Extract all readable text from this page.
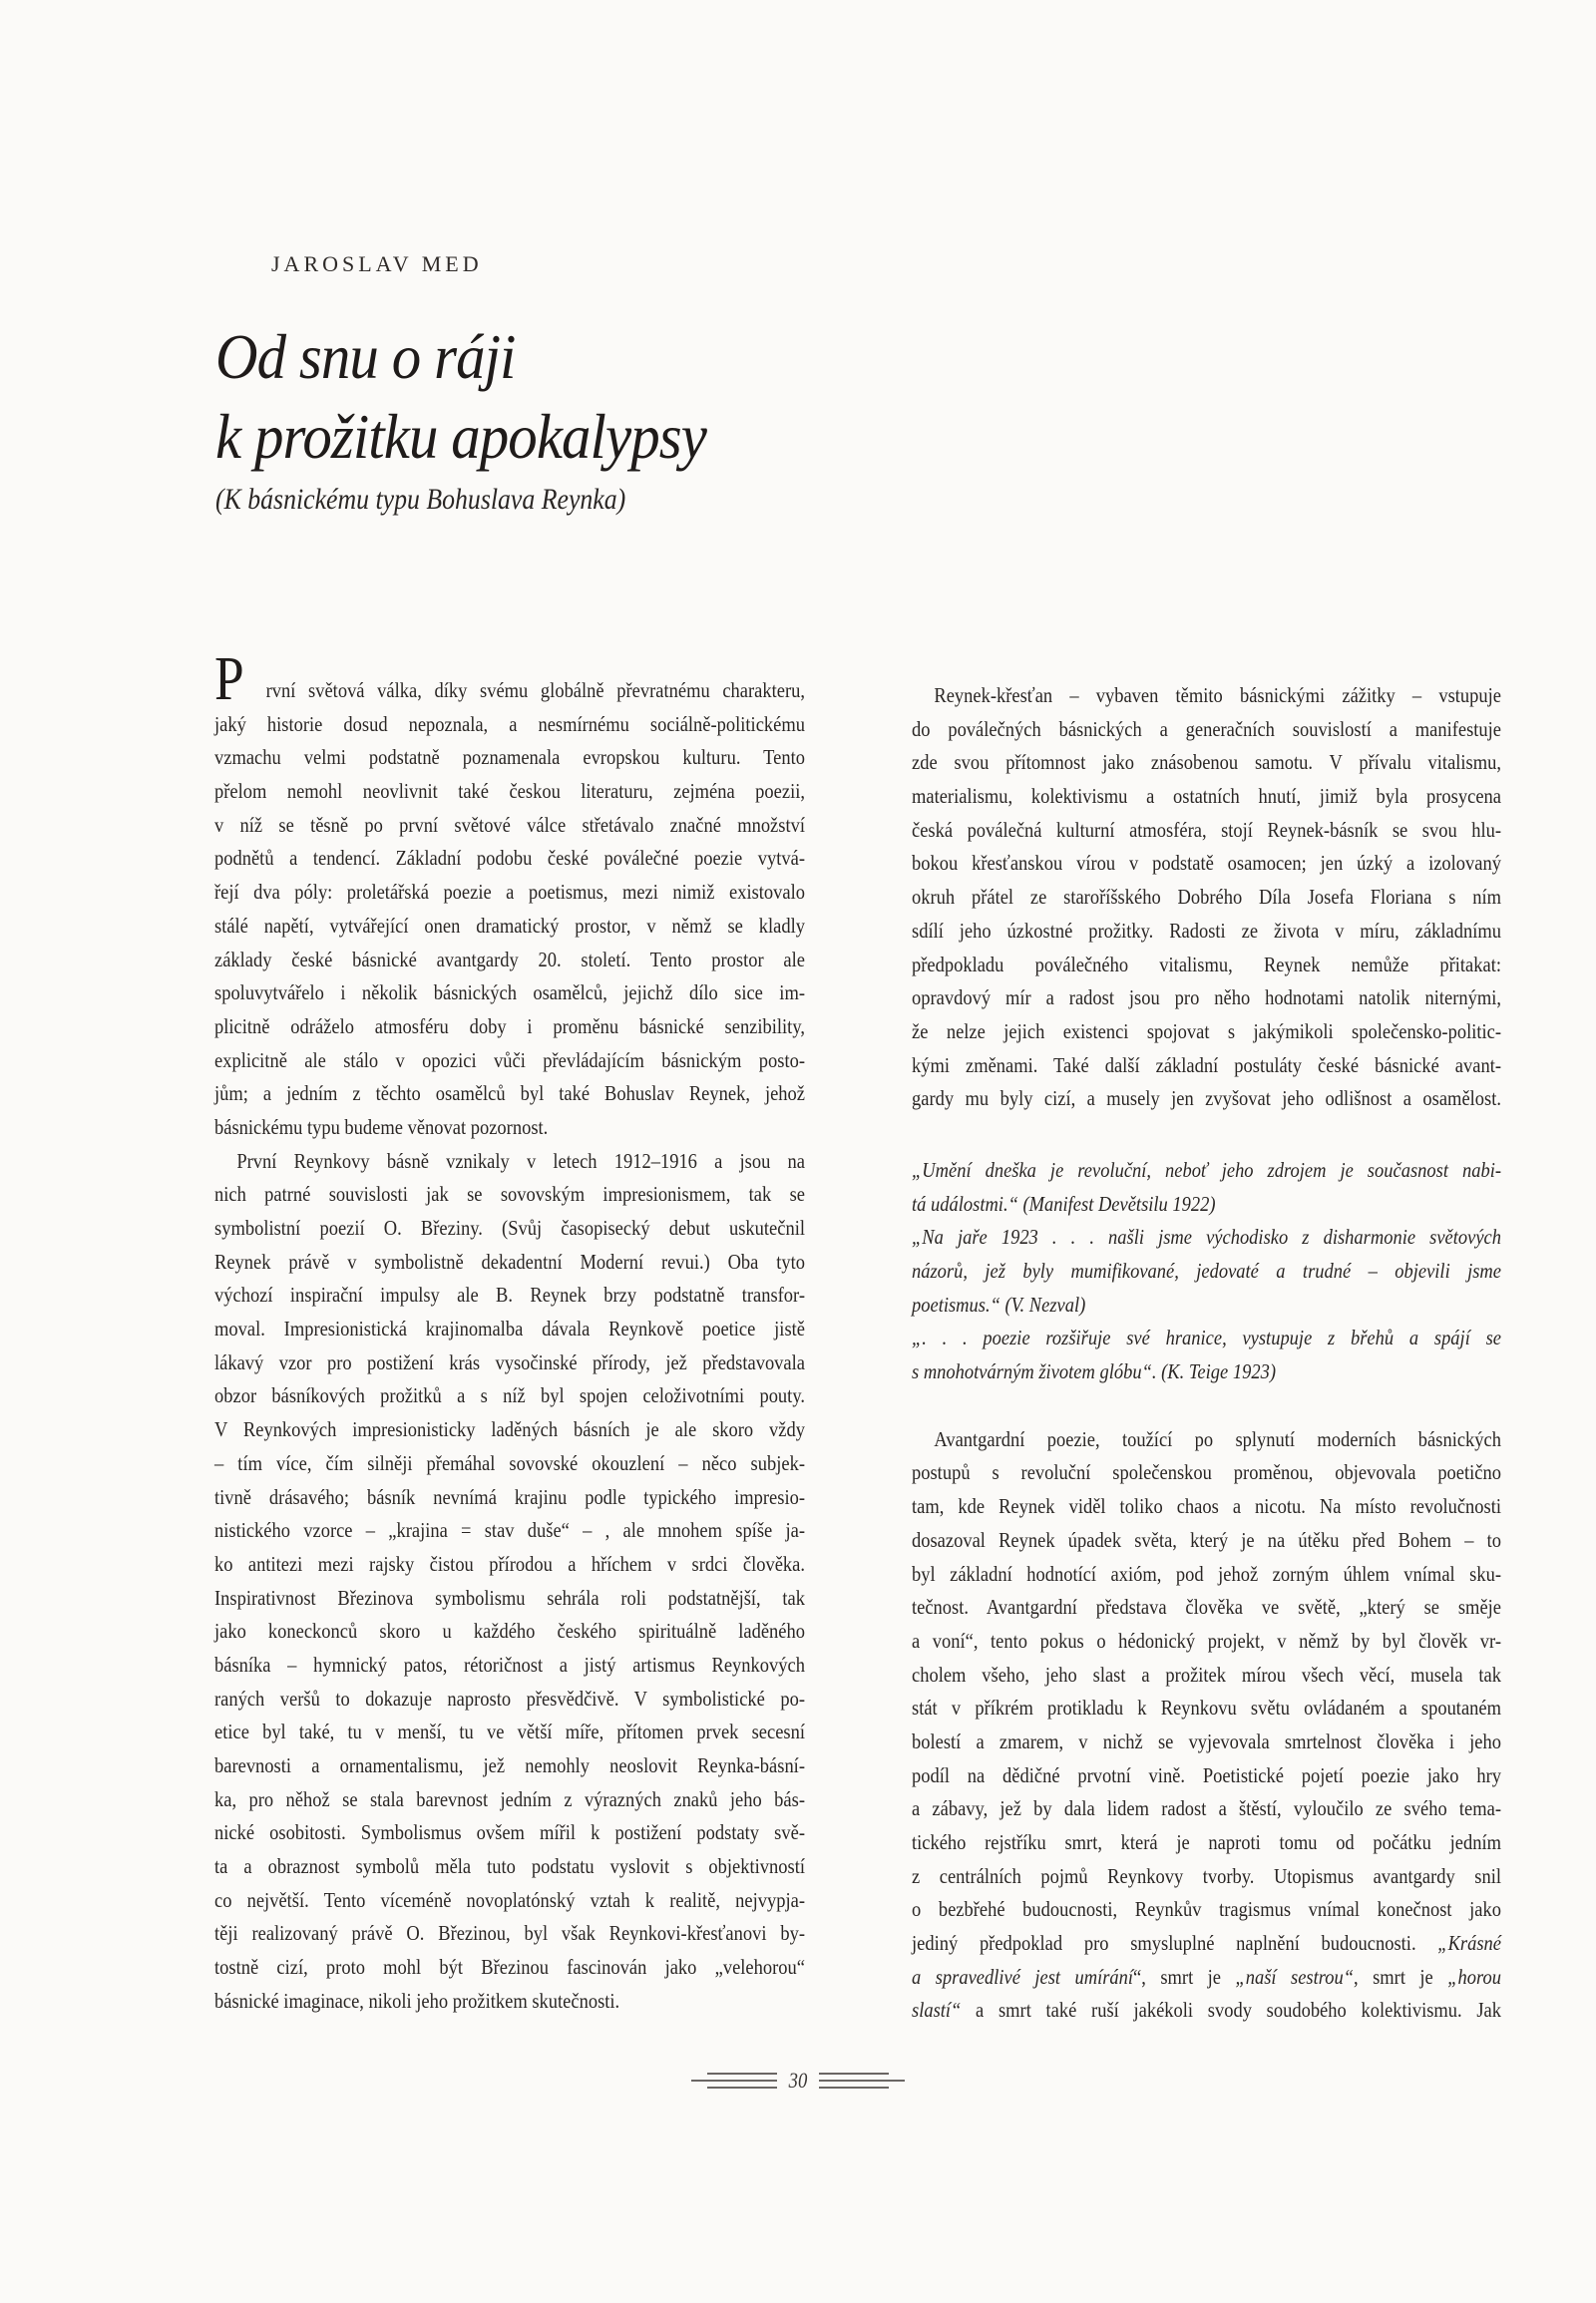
JAROSLAV MED
Od snu o ráji
k prožitku apokalypsy
(K básnickému typu Bohuslava Reynka)
P rvní světová válka, díky svému globálně převratnému charakteru,
jaký historie dosud nepoznala, a nesmírnému sociálně-politickému
vzmachu velmi podstatně poznamenala evropskou kulturu. Tento
přelom nemohl neovlivnit také českou literaturu, zejména poezii,
v níž se těsně po první světové válce střetávalo značné množství
podnětů a tendencí. Základní podobu české poválečné poezie vytvá-
řejí dva póly: proletářská poezie a poetismus, mezi nimiž existovalo
stálé napětí, vytvářející onen dramatický prostor, v němž se kladly
základy české básnické avantgardy 20. století. Tento prostor ale
spoluvytvářelo i několik básnických osamělců, jejichž dílo sice im-
plicitně odráželo atmosféru doby i proměnu básnické senzibility,
explicitně ale stálo v opozici vůči převládajícím básnickým posto-
jům; a jedním z těchto osamělců byl také Bohuslav Reynek, jehož
básnickému typu budeme věnovat pozornost.
První Reynkovy básně vznikaly v letech 1912–1916 a jsou na
nich patrné souvislosti jak se sovovským impresionismem, tak se
symbolistní poezií O. Březiny. (Svůj časopisecký debut uskutečnil
Reynek právě v symbolistně dekadentní Moderní revui.) Oba tyto
výchozí inspirační impulsy ale B. Reynek brzy podstatně transfor-
moval. Impresionistická krajinomalba dávala Reynkově poetice jistě
lákavý vzor pro postižení krás vysočinské přírody, jež představovala
obzor básníkových prožitků a s níž byl spojen celoživotními pouty.
V Reynkových impresionisticky laděných básních je ale skoro vždy
– tím více, čím silněji přemáhal sovovské okouzlení – něco subjek-
tivně drásavého; básník nevnímá krajinu podle typického impresio-
nistického vzorce – „krajina = stav duše“ – , ale mnohem spíše ja-
ko antitezi mezi rajsky čistou přírodou a hříchem v srdci člověka.
Inspirativnost Březinova symbolismu sehrála roli podstatnější, tak
jako koneckonců skoro u každého českého spirituálně laděného
básníka – hymnický patos, rétoričnost a jistý artismus Reynkových
raných veršů to dokazuje naprosto přesvědčivě. V symbolistické po-
etice byl také, tu v menší, tu ve větší míře, přítomen prvek secesní
barevnosti a ornamentalismu, jež nemohly neoslovit Reynka-básní-
ka, pro něhož se stala barevnost jedním z výrazných znaků jeho bás-
nické osobitosti. Symbolismus ovšem mířil k postižení podstaty svě-
ta a obraznost symbolů měla tuto podstatu vyslovit s objektivností
co největší. Tento víceméně novoplatónský vztah k realitě, nejvypja-
těji realizovaný právě O. Březinou, byl však Reynkovi-křesťanovi by-
tostně cizí, proto mohl být Březinou fascinován jako „velehorou“
básnické imaginace, nikoli jeho prožitkem skutečnosti.
Reynek-křesťan – vybaven těmito básnickými zážitky – vstupuje
do poválečných básnických a generačních souvislostí a manifestuje
zde svou přítomnost jako znásobenou samotu. V přívalu vitalismu,
materialismu, kolektivismu a ostatních hnutí, jimiž byla prosycena
česká poválečná kulturní atmosféra, stojí Reynek-básník se svou hlu-
bokou křesťanskou vírou v podstatě osamocen; jen úzký a izolovaný
okruh přátel ze staroříšského Dobrého Díla Josefa Floriana s ním
sdílí jeho úzkostné prožitky. Radosti ze života v míru, základnímu
předpokladu poválečného vitalismu, Reynek nemůže přitakat:
opravdový mír a radost jsou pro něho hodnotami natolik niternými,
že nelze jejich existenci spojovat s jakýmikoli společensko-politic-
kými změnami. Také další základní postuláty české básnické avant-
gardy mu byly cizí, a musely jen zvyšovat jeho odlišnost a osamělost.
„Umění dneška je revoluční, neboť jeho zdrojem je současnost nabi-
tá událostmi.“ (Manifest Devětsilu 1922)
„Na jaře 1923 . . . našli jsme východisko z disharmonie světových
názorů, jež byly mumifikované, jedovaté a trudné – objevili jsme
poetismus.“ (V. Nezval)
„. . . poezie rozšiřuje své hranice, vystupuje z břehů a spájí se
s mnohotvárným životem glóbu“. (K. Teige 1923)
Avantgardní poezie, toužící po splynutí moderních básnických
postupů s revoluční společenskou proměnou, objevovala poetično
tam, kde Reynek viděl toliko chaos a nicotu. Na místo revolučnosti
dosazoval Reynek úpadek světa, který je na útěku před Bohem – to
byl základní hodnotící axióm, pod jehož zorným úhlem vnímal sku-
tečnost. Avantgardní představa člověka ve světě, „který se směje
a voní“, tento pokus o hédonický projekt, v němž by byl člověk vr-
cholem všeho, jeho slast a prožitek mírou všech věcí, musela tak
stát v příkrém protikladu k Reynkovu světu ovládaném a spoutaném
bolestí a zmarem, v nichž se vyjevovala smrtelnost člověka i jeho
podíl na dědičné prvotní vině. Poetistické pojetí poezie jako hry
a zábavy, jež by dala lidem radost a štěstí, vyloučilo ze svého tema-
tického rejstříku smrt, která je naproti tomu od počátku jedním
z centrálních pojmů Reynkovy tvorby. Utopismus avantgardy snil
o bezbřehé budoucnosti, Reynkův tragismus vnímal konečnost jako
jediný předpoklad pro smysluplné naplnění budoucnosti. „Krásné
a spravedlivé jest umírání“, smrt je „naší sestrou“, smrt je „horou
slastí“ a smrt také ruší jakékoli svody soudobého kolektivismu. Jak
30
